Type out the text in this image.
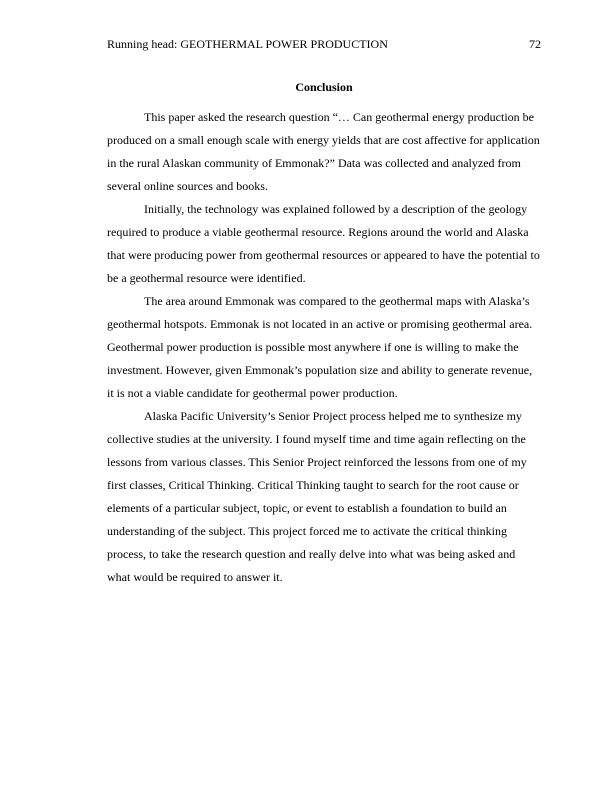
Running head: GEOTHERMAL POWER PRODUCTION	72
Conclusion

This paper asked the research question “… Can geothermal energy production be produced on a small enough scale with energy yields that are cost affective for application in the rural Alaskan community of Emmonak?” Data was collected and analyzed from several online sources and books.

Initially, the technology was explained followed by a description of the geology required to produce a viable geothermal resource. Regions around the world and Alaska that were producing power from geothermal resources or appeared to have the potential to be a geothermal resource were identified.

The area around Emmonak was compared to the geothermal maps with Alaska’s geothermal hotspots. Emmonak is not located in an active or promising geothermal area. Geothermal power production is possible most anywhere if one is willing to make the investment. However, given Emmonak’s population size and ability to generate revenue, it is not a viable candidate for geothermal power production.

Alaska Pacific University’s Senior Project process helped me to synthesize my collective studies at the university. I found myself time and time again reflecting on the lessons from various classes. This Senior Project reinforced the lessons from one of my first classes, Critical Thinking. Critical Thinking taught to search for the root cause or elements of a particular subject, topic, or event to establish a foundation to build an understanding of the subject. This project forced me to activate the critical thinking process, to take the research question and really delve into what was being asked and what would be required to answer it.
